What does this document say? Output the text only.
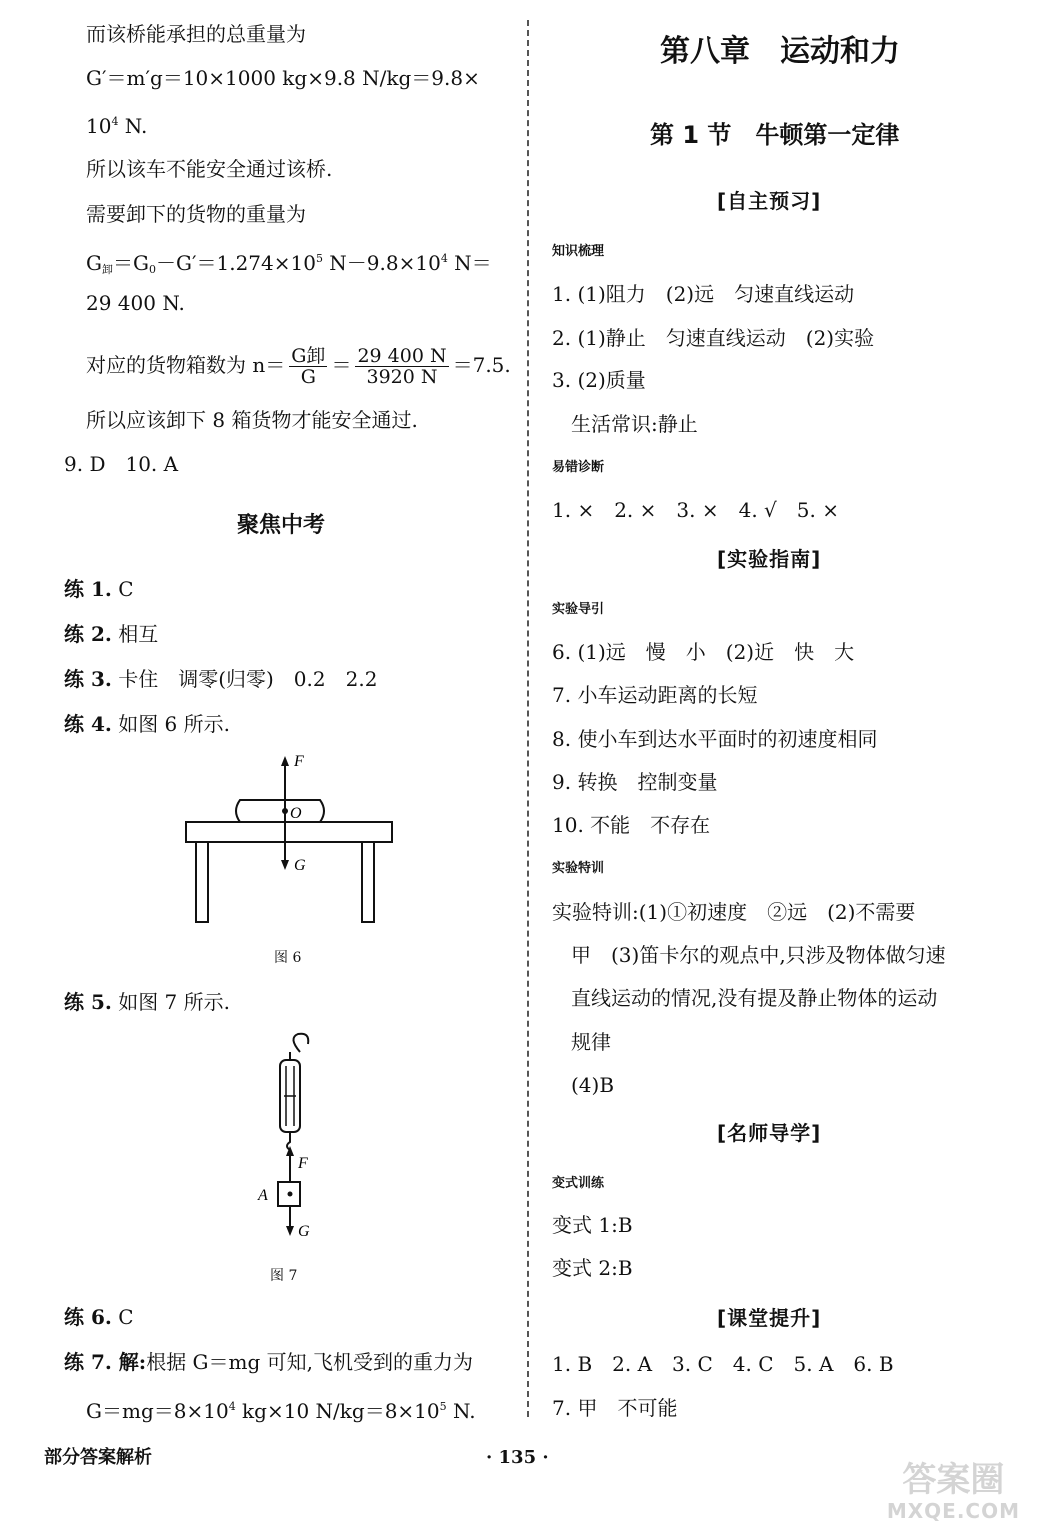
而该桥能承担的总重量为
G′＝m′g＝10×1000 kg×9.8 N/kg＝9.8×
$10^4$ N.
所以该车不能安全通过该桥.
需要卸下的货物的重量为
$G_卸=G_0-G'=1.274\times 10^5$ $N-9.8\times 10^4$ N＝
29 400 N.
对应的货物箱数为 $n= \frac{\text{G卸}}{G} = \frac{29 400 N}{3920 N} =7.5$.
所以应该卸下 8 箱货物才能安全通过.
9. D　10. A
聚焦中考
练 1. C
练 2. 相互
练 3. 卡住　调零(归零)　0.2　2.2
练 4. 如图 6 所示.
F
O
G
图 6
练 5. 如图 7 所示.
F
A
G
图 7
练 6. C
练 7. 解:根据 G＝mg 可知,飞机受到的重力为
$G=mg=8\times 10^4$ kg×10 $N/kg=8\times 10^5$ N.
第八章　运动和力
第 1 节　牛顿第一定律
[自主预习]
知识梳理
1. (1)阻力　(2)远　匀速直线运动
2. (1)静止　匀速直线运动　(2)实验
3. (2)质量
生活常识:静止
易错诊断
1. ×　2. ×　3. ×　4. √　5. ×
[实验指南]
实验导引
6. (1)远　慢　小　(2)近　快　大
7. 小车运动距离的长短
8. 使小车到达水平面时的初速度相同
9. 转换　控制变量
10. 不能　不存在
实验特训
实验特训:(1)①初速度　②远　(2)不需要
甲　(3)笛卡尔的观点中,只涉及物体做匀速
直线运动的情况,没有提及静止物体的运动
规律
(4)B
[名师导学]
变式训练
变式 1:B
变式 2:B
[课堂提升]
1. B　2. A　3. C　4. C　5. A　6. B
7. 甲　不可能
部分答案解析	· 135 ·
答案圈
MXQE.COM
